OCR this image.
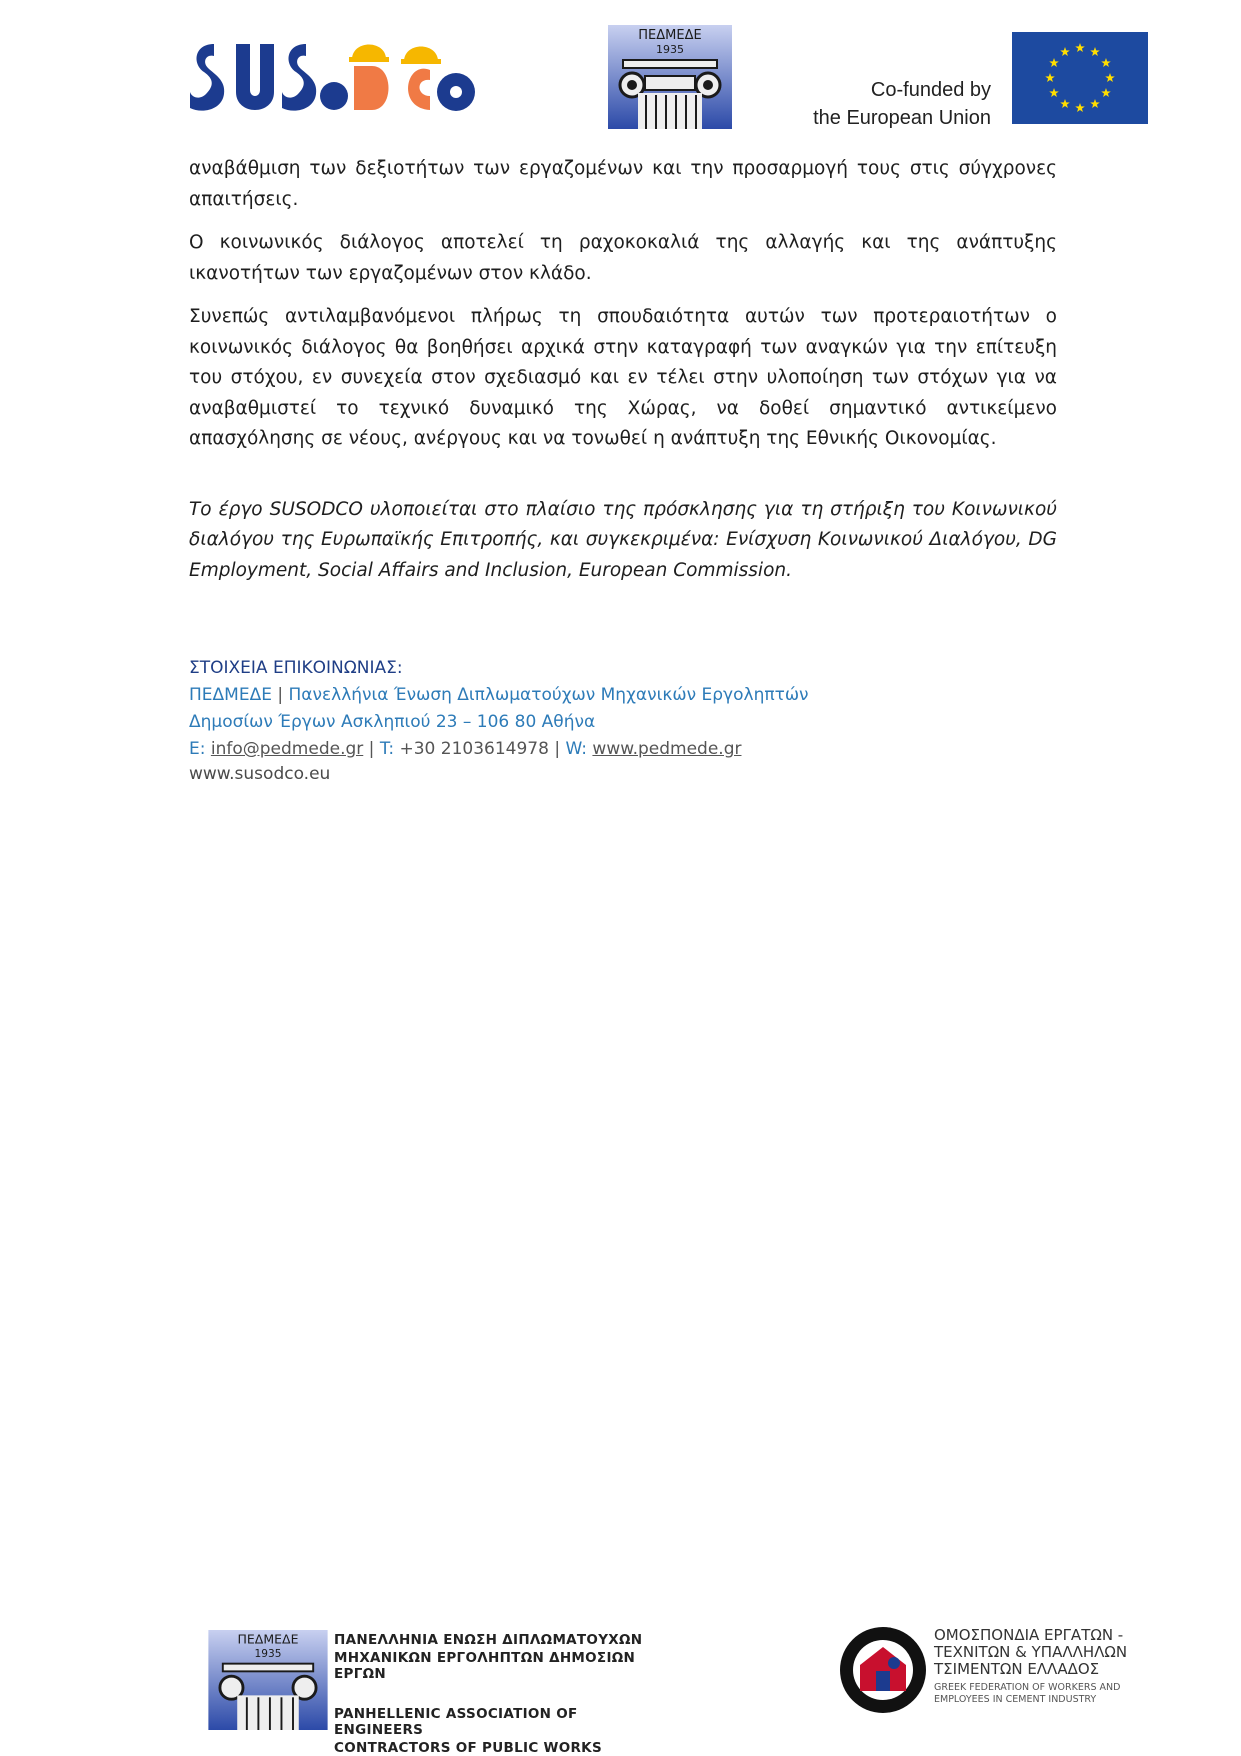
ΠΕΔΜΕΔΕ
1935
Co-funded by
the European Union

αναβάθμιση των δεξιοτήτων των εργαζομένων και την προσαρμογή τους στις σύγχρονες απαιτήσεις.

Ο κοινωνικός διάλογος αποτελεί τη ραχοκοκαλιά της αλλαγής και της ανάπτυξης ικανοτήτων των εργαζομένων στον κλάδο.

Συνεπώς αντιλαμβανόμενοι πλήρως τη σπουδαιότητα αυτών των προτεραιοτήτων ο κοινωνικός διάλογος θα βοηθήσει αρχικά στην καταγραφή των αναγκών για την επίτευξη του στόχου, εν συνεχεία στον σχεδιασμό και εν τέλει στην υλοποίηση των στόχων για να αναβαθμιστεί το τεχνικό δυναμικό της Χώρας, να δοθεί σημαντικό αντικείμενο απασχόλησης σε νέους, ανέργους και να τονωθεί η ανάπτυξη της Εθνικής Οικονομίας.

Το έργο SUSODCO υλοποιείται στο πλαίσιο της πρόσκλησης για τη στήριξη του Κοινωνικού διαλόγου της Ευρωπαϊκής Επιτροπής, και συγκεκριμένα: Ενίσχυση Κοινωνικού Διαλόγου, DG Employment, Social Affairs and Inclusion, European Commission.

ΣΤΟΙΧΕΙΑ ΕΠΙΚΟΙΝΩΝΙΑΣ:
ΠΕΔΜΕΔΕ | Πανελλήνια Ένωση Διπλωματούχων Μηχανικών Εργοληπτών
Δημοσίων Έργων Ασκληπιού 23 – 106 80 Αθήνα
E: info@pedmede.gr | T: +30 2103614978 | W: www.pedmede.gr
www.susodco.eu
ΠΕΔΜΕΔΕ
1935
ΠΑΝΕΛΛΗΝΙΑ ΕΝΩΣΗ ΔΙΠΛΩΜΑΤΟΥΧΩΝ
ΜΗΧΑΝΙΚΩΝ ΕΡΓΟΛΗΠΤΩΝ ΔΗΜΟΣΙΩΝ ΕΡΓΩΝ
PANHELLENIC ASSOCIATION OF ENGINEERS
CONTRACTORS OF PUBLIC WORKS
ΟΜΟΣΠΟΝΔΙΑ ΕΡΓΑΤΩΝ -
ΤΕΧΝΙΤΩΝ & ΥΠΑΛΛΗΛΩΝ
ΤΣΙΜΕΝΤΩΝ ΕΛΛΑΔΟΣ
GREEK FEDERATION OF WORKERS AND
EMPLOYEES IN CEMENT INDUSTRY
